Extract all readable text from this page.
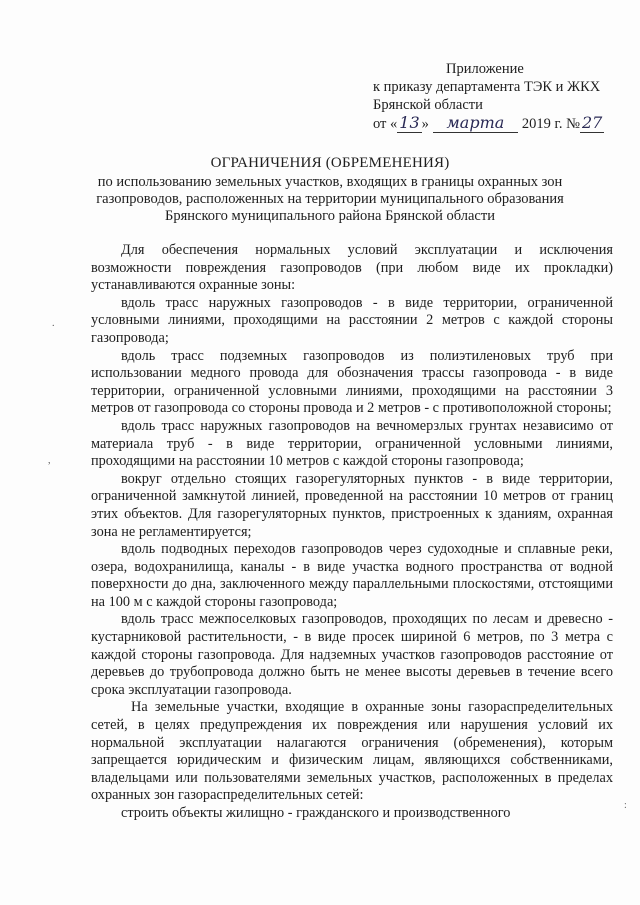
Приложение
к приказу департамента ТЭК и ЖКХ
Брянской области
от « 13 » марта 2019 г. № 27
ОГРАНИЧЕНИЯ (ОБРЕМЕНЕНИЯ)
по использованию земельных участков, входящих в границы охранных зон
газопроводов, расположенных на территории муниципального образования
Брянского муниципального района Брянской области

Для обеспечения нормальных условий эксплуатации и исключения возможности повреждения газопроводов (при любом виде их прокладки) устанавливаются охранные зоны:

вдоль трасс наружных газопроводов - в виде территории, ограниченной условными линиями, проходящими на расстоянии 2 метров с каждой стороны газопровода;

вдоль трасс подземных газопроводов из полиэтиленовых труб при использовании медного провода для обозначения трассы газопровода - в виде территории, ограниченной условными линиями, проходящими на расстоянии 3 метров от газопровода со стороны провода и 2 метров - с противоположной стороны;

вдоль трасс наружных газопроводов на вечномерзлых грунтах независимо от материала труб - в виде территории, ограниченной условными линиями, проходящими на расстоянии 10 метров с каждой стороны газопровода;

вокруг отдельно стоящих газорегуляторных пунктов - в виде территории, ограниченной замкнутой линией, проведенной на расстоянии 10 метров от границ этих объектов. Для газорегуляторных пунктов, пристроенных к зданиям, охранная зона не регламентируется;

вдоль подводных переходов газопроводов через судоходные и сплавные реки, озера, водохранилища, каналы - в виде участка водного пространства от водной поверхности до дна, заключенного между параллельными плоскостями, отстоящими на 100 м с каждой стороны газопровода;

вдоль трасс межпоселковых газопроводов, проходящих по лесам и древесно - кустарниковой растительности, - в виде просек шириной 6 метров, по 3 метра с каждой стороны газопровода. Для надземных участков газопроводов расстояние от деревьев до трубопровода должно быть не менее высоты деревьев в течение всего срока эксплуатации газопровода.

На земельные участки, входящие в охранные зоны газораспределительных сетей, в целях предупреждения их повреждения или нарушения условий их нормальной эксплуатации налагаются ограничения (обременения), которым запрещается юридическим и физическим лицам, являющихся собственниками, владельцами или пользователями земельных участков, расположенных в пределах охранных зон газораспределительных сетей:

строить объекты жилищно - гражданского и производственного

.
,
:
